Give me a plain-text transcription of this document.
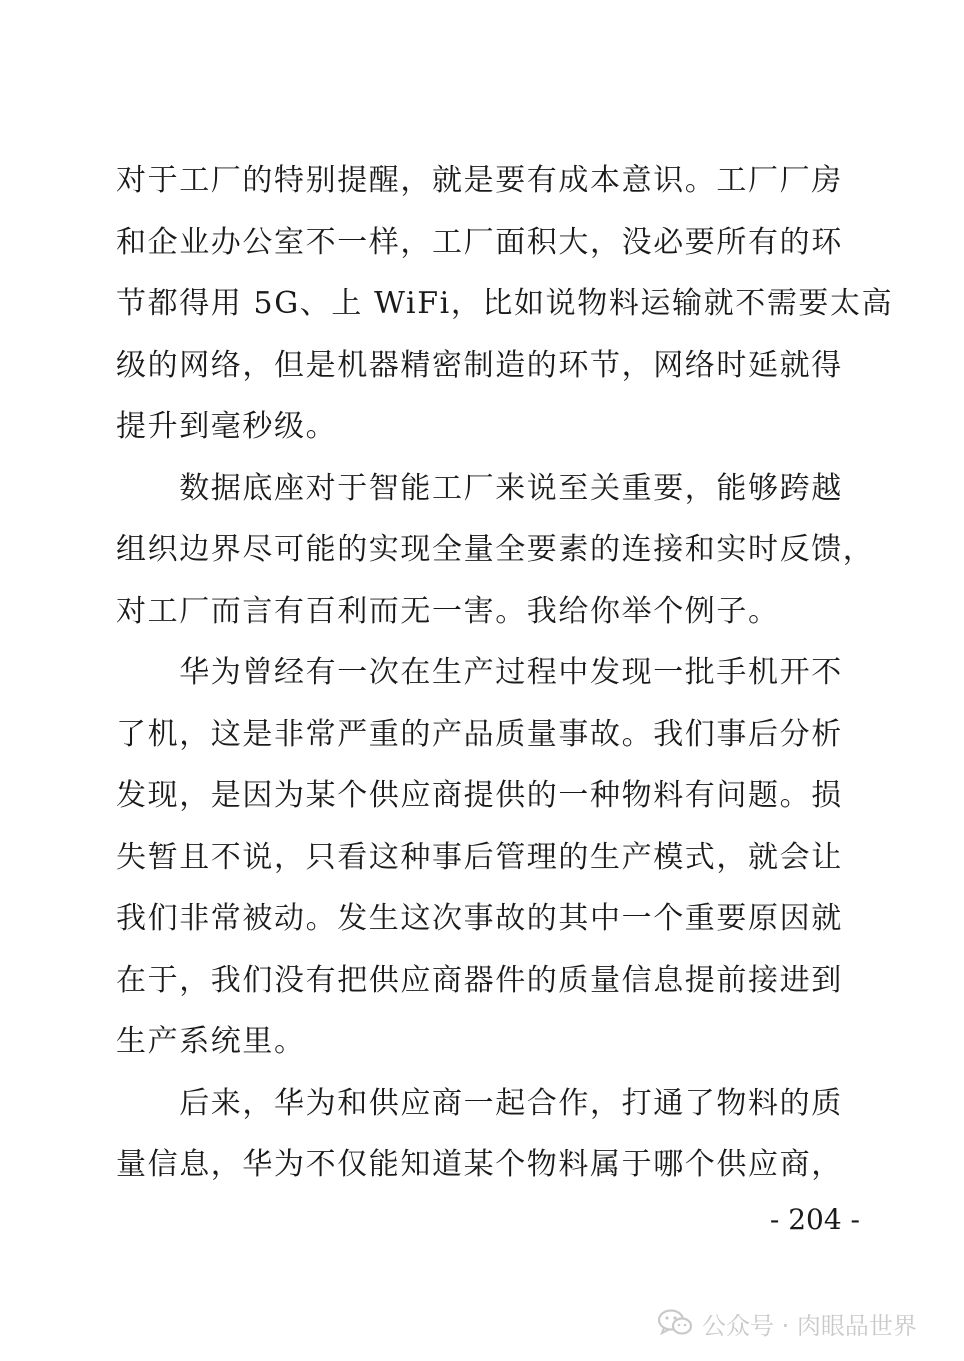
对于工厂的特别提醒，就是要有成本意识。工厂厂房
和企业办公室不一样，工厂面积大，没必要所有的环
节都得用 5G、上 WiFi，比如说物料运输就不需要太高
级的网络，但是机器精密制造的环节，网络时延就得
提升到毫秒级。
　　数据底座对于智能工厂来说至关重要，能够跨越
组织边界尽可能的实现全量全要素的连接和实时反馈，
对工厂而言有百利而无一害。我给你举个例子。
　　华为曾经有一次在生产过程中发现一批手机开不
了机，这是非常严重的产品质量事故。我们事后分析
发现，是因为某个供应商提供的一种物料有问题。损
失暂且不说，只看这种事后管理的生产模式，就会让
我们非常被动。发生这次事故的其中一个重要原因就
在于，我们没有把供应商器件的质量信息提前接进到
生产系统里。
　　后来，华为和供应商一起合作，打通了物料的质
量信息，华为不仅能知道某个物料属于哪个供应商，
- 204 -
公众号 · 肉眼品世界
